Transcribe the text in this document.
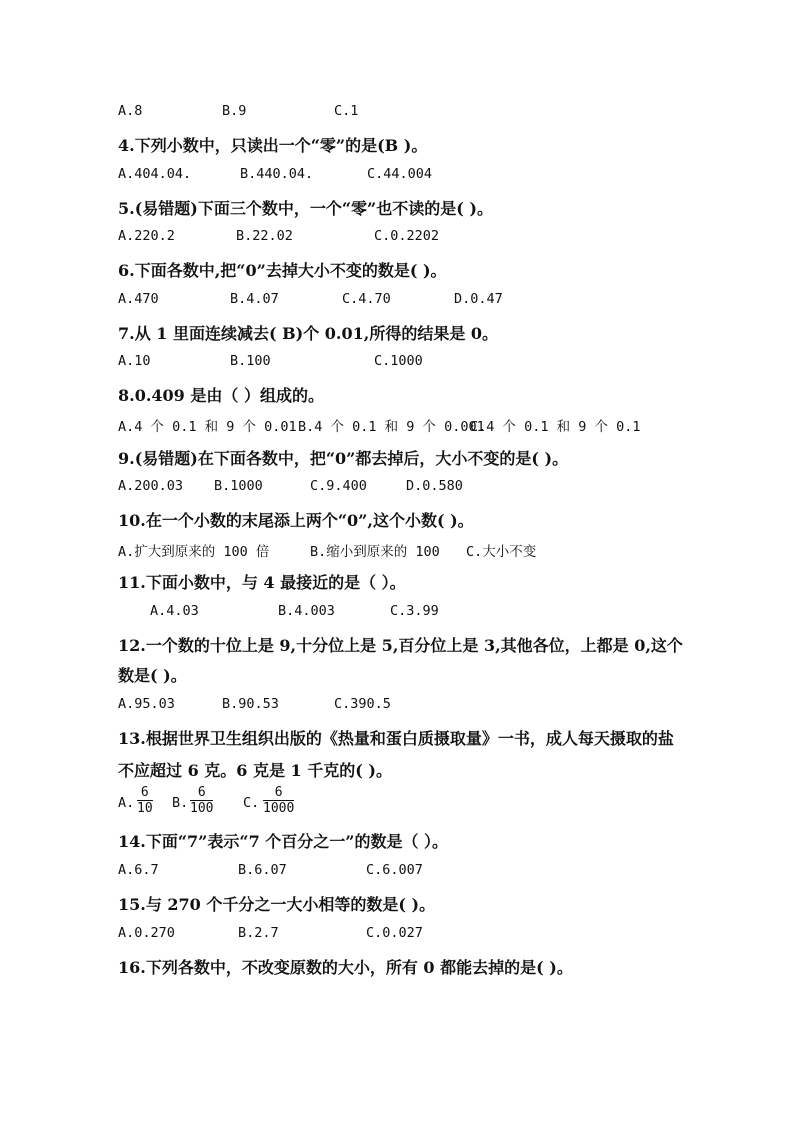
A.8	B.9	C.1
4.下列小数中，只读出一个“零”的是(B )。
A.404.04.	B.440.04.	C.44.004
5.(易错题)下面三个数中，一个“零”也不读的是( )。
A.220.2	B.22.02	C.0.2202
6.下面各数中,把“0”去掉大小不变的数是( )。
A.470	B.4.07	C.4.70	D.0.47
7.从 1 里面连续减去( B)个 0.01,所得的结果是 0。
A.10	B.100	C.1000
8.0.409 是由（ ）组成的。
A.4 个 0.1 和 9 个 0.01 B.4 个 0.1 和 9 个 0.001
C.4 个 0.1 和 9 个 0.1
9.(易错题)在下面各数中，把“0”都去掉后，大小不变的是( )。
A.200.03 B.1000	C.9.400	D.0.580
10.在一个小数的末尾添上两个“0”,这个小数( )。
A.扩大到原来的 100 倍	B.缩小到原来的 100 C.大小不变
11.下面小数中，与 4 最接近的是（ ）。
A.4.03	B.4.003	C.3.99
12.一个数的十位上是 9,十分位上是 5,百分位上是 3,其他各位，上都是 0,这个
数是( )。
A.95.03	B.90.53	C.390.5
13.根据世界卫生组织出版的《热量和蛋白质摄取量》一书，成人每天摄取的盐
不应超过 6 克。6 克是 1 千克的( )。
A.
6
10 B.
6
100 C.
6
1000
14.下面“7”表示“7 个百分之一”的数是（ ）。
A.6.7	B.6.07	C.6.007
15.与 270 个千分之一大小相等的数是( )。
A.0.270	B.2.7	C.0.027
16.下列各数中，不改变原数的大小，所有 0 都能去掉的是( )。
